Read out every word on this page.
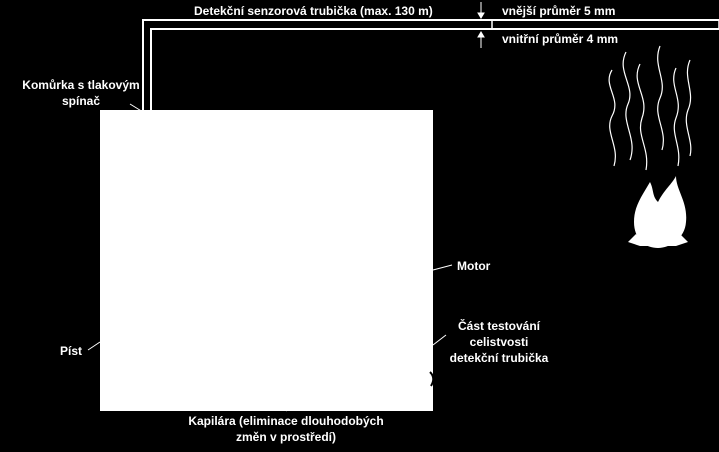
Detekční senzorová trubička (max. 130 m)	vnější průměr 5 mm
vnitřní průměr 4 mm
Komůrka s tlakovým
spínač
Motor
Píst
Část testování
celistvosti
detekční trubička
Kapilára (eliminace dlouhodobých
změn v prostředí)
